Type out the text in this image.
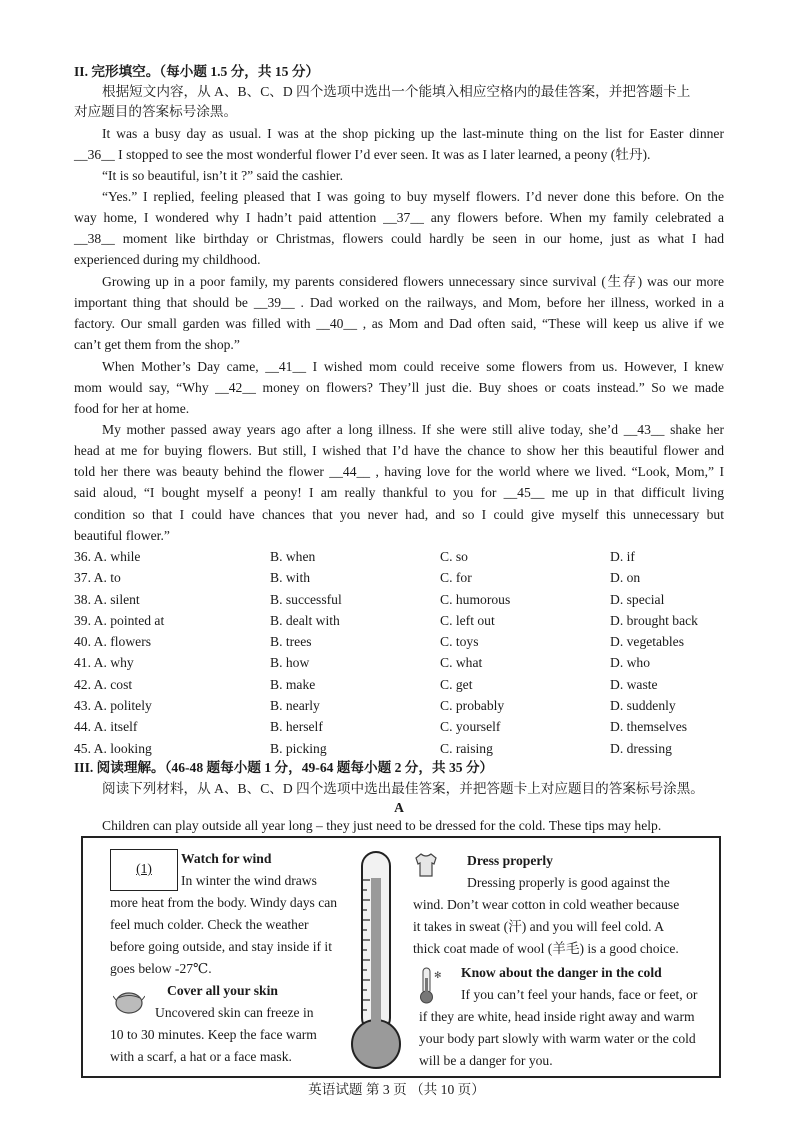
II. 完形填空。（每小题 1.5 分，共 15 分）
根据短文内容，从 A、B、C、D 四个选项中选出一个能填入相应空格内的最佳答案，并把答题卡上
对应题目的答案标号涂黑。
It was a busy day as usual. I was at the shop picking up the last-minute thing on the list for Easter dinner
__36__ I stopped to see the most wonderful flower I’d ever seen. It was as I later learned, a peony (牡丹).
“It is so beautiful, isn’t it ?” said the cashier.
“Yes.” I replied, feeling pleased that I was going to buy myself flowers. I’d never done this before. On the
way home, I wondered why I hadn’t paid attention __37__ any flowers before. When my family celebrated a
__38__ moment like birthday or Christmas, flowers could hardly be seen in our home, just as what I had
experienced during my childhood.
Growing up in a poor family, my parents considered flowers unnecessary since survival (生存) was our more
important thing that should be __39__ . Dad worked on the railways, and Mom, before her illness, worked in a
factory. Our small garden was filled with __40__ , as Mom and Dad often said, “These will keep us alive if we
can’t get them from the shop.”
When Mother’s Day came, __41__ I wished mom could receive some flowers from us. However, I knew
mom would say, “Why __42__ money on flowers? They’ll just die. Buy shoes or coats instead.” So we made
food for her at home.
My mother passed away years ago after a long illness. If she were still alive today, she’d __43__ shake her
head at me for buying flowers. But still, I wished that I’d have the chance to show her this beautiful flower and
told her there was beauty behind the flower __44__ , having love for the world where we lived. “Look, Mom,” I
said aloud, “I bought myself a peony! I am really thankful to you for __45__ me up in that difficult living
condition so that I could have chances that you never had, and so I could give myself this unnecessary but
beautiful flower.”
36. A. while	B. when	C. so	D. if
37. A. to	B. with	C. for	D. on
38. A. silent	B. successful	C. humorous	D. special
39. A. pointed at	B. dealt with	C. left out	D. brought back
40. A. flowers	B. trees	C. toys	D. vegetables
41. A. why	B. how	C. what	D. who
42. A. cost	B. make	C. get	D. waste
43. A. politely	B. nearly	C. probably	D. suddenly
44. A. itself	B. herself	C. yourself	D. themselves
45. A. looking	B. picking	C. raising	D. dressing
III. 阅读理解。（46-48 题每小题 1 分，49-64 题每小题 2 分，共 35 分）
阅读下列材料，从 A、B、C、D 四个选项中选出最佳答案，并把答题卡上对应题目的答案标号涂黑。
A
Children can play outside all year long – they just need to be dressed for the cold. These tips may help.
(1)
Watch for wind
In winter the wind draws
more heat from the body. Windy days can
feel much colder. Check the weather
before going outside, and stay inside if it
goes below -27℃.
Cover all your skin
Uncovered skin can freeze in
10 to 30 minutes. Keep the face warm
with a scarf, a hat or a face mask.
Dress properly
Dressing properly is good against the
wind. Don’t wear cotton in cold weather because
it takes in sweat (汗) and you will feel cold. A
thick coat made of wool (羊毛) is a good choice.
✻ Know about the danger in the cold
If you can’t feel your hands, face or feet, or
if they are white, head inside right away and warm
your body part slowly with warm water or the cold
will be a danger for you.
英语试题 第 3 页 （共 10 页）
